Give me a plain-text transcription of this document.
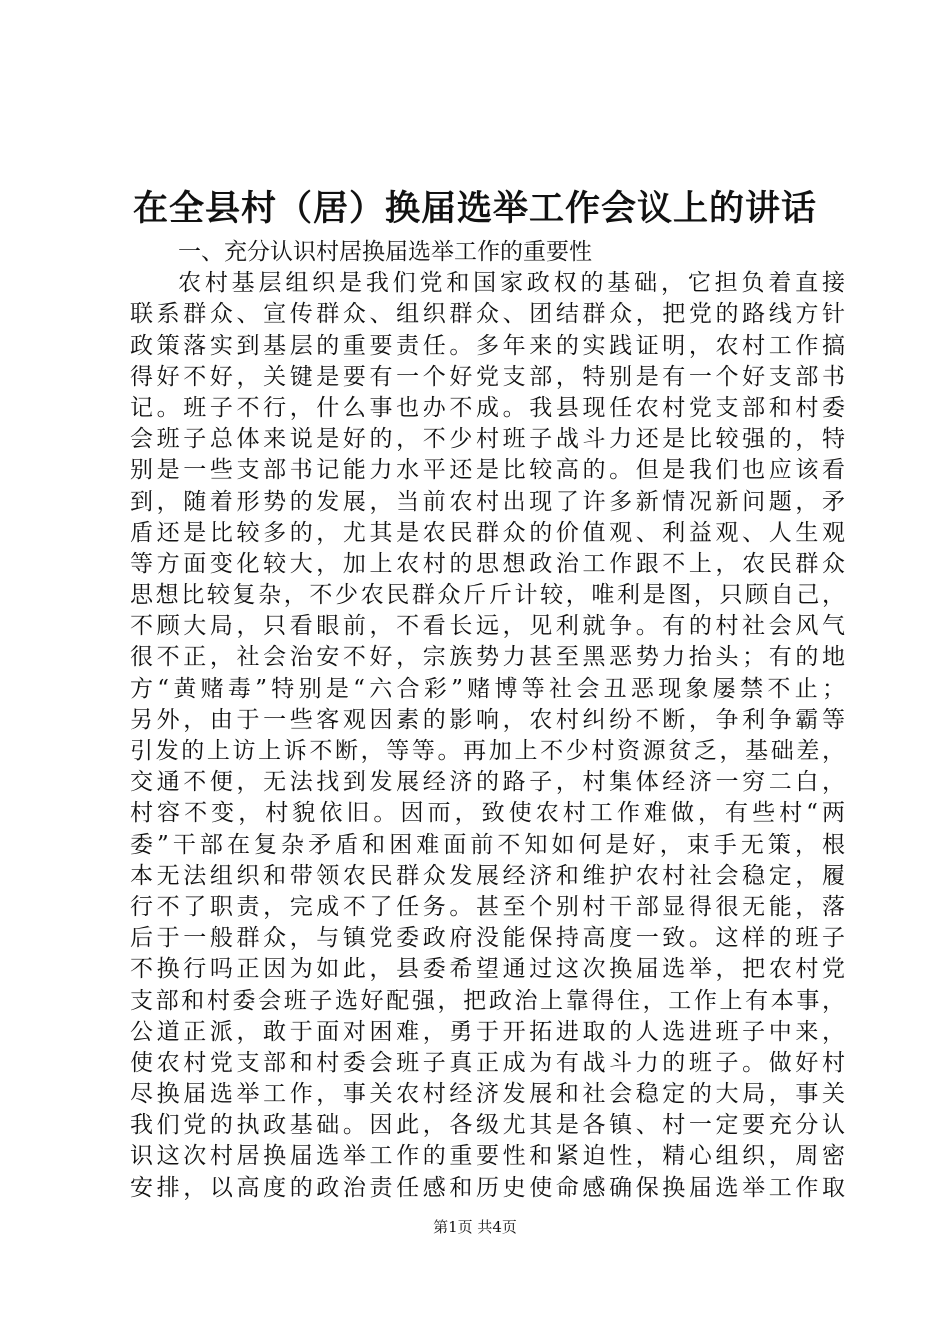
在全县村（居）换届选举工作会议上的讲话
一、充分认识村居换届选举工作的重要性
农村基层组织是我们党和国家政权的基础，它担负着直接
联系群众、宣传群众、组织群众、团结群众，把党的路线方针
政策落实到基层的重要责任。多年来的实践证明，农村工作搞
得好不好，关键是要有一个好党支部，特别是有一个好支部书
记。班子不行，什么事也办不成。我县现任农村党支部和村委
会班子总体来说是好的，不少村班子战斗力还是比较强的，特
别是一些支部书记能力水平还是比较高的。但是我们也应该看
到，随着形势的发展，当前农村出现了许多新情况新问题，矛
盾还是比较多的，尤其是农民群众的价值观、利益观、人生观
等方面变化较大，加上农村的思想政治工作跟不上，农民群众
思想比较复杂，不少农民群众斤斤计较，唯利是图，只顾自己，
不顾大局，只看眼前，不看长远，见利就争。有的村社会风气
很不正，社会治安不好，宗族势力甚至黑恶势力抬头；有的地
方“黄赌毒”特别是“六合彩”赌博等社会丑恶现象屡禁不止；
另外，由于一些客观因素的影响，农村纠纷不断，争利争霸等
引发的上访上诉不断，等等。再加上不少村资源贫乏，基础差，
交通不便，无法找到发展经济的路子，村集体经济一穷二白，
村容不变，村貌依旧。因而，致使农村工作难做，有些村“两
委”干部在复杂矛盾和困难面前不知如何是好，束手无策，根
本无法组织和带领农民群众发展经济和维护农村社会稳定，履
行不了职责，完成不了任务。甚至个别村干部显得很无能，落
后于一般群众，与镇党委政府没能保持高度一致。这样的班子
不换行吗正因为如此，县委希望通过这次换届选举，把农村党
支部和村委会班子选好配强，把政治上靠得住，工作上有本事，
公道正派，敢于面对困难，勇于开拓进取的人选进班子中来，
使农村党支部和村委会班子真正成为有战斗力的班子。做好村
尽换届选举工作，事关农村经济发展和社会稳定的大局，事关
我们党的执政基础。因此，各级尤其是各镇、村一定要充分认
识这次村居换届选举工作的重要性和紧迫性，精心组织，周密
安排，以高度的政治责任感和历史使命感确保换届选举工作取
第1页 共4页
